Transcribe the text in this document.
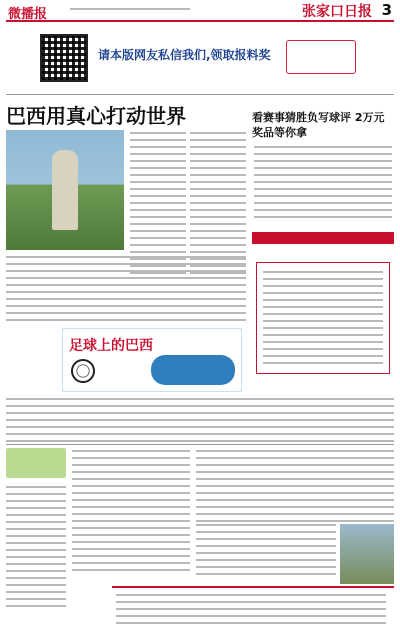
微播报	张家口日报 3
请本版网友私信我们,领取报料奖
巴西用真心打动世界	看赛事猜胜负写球评 2万元奖品等你拿
足球上的巴西
